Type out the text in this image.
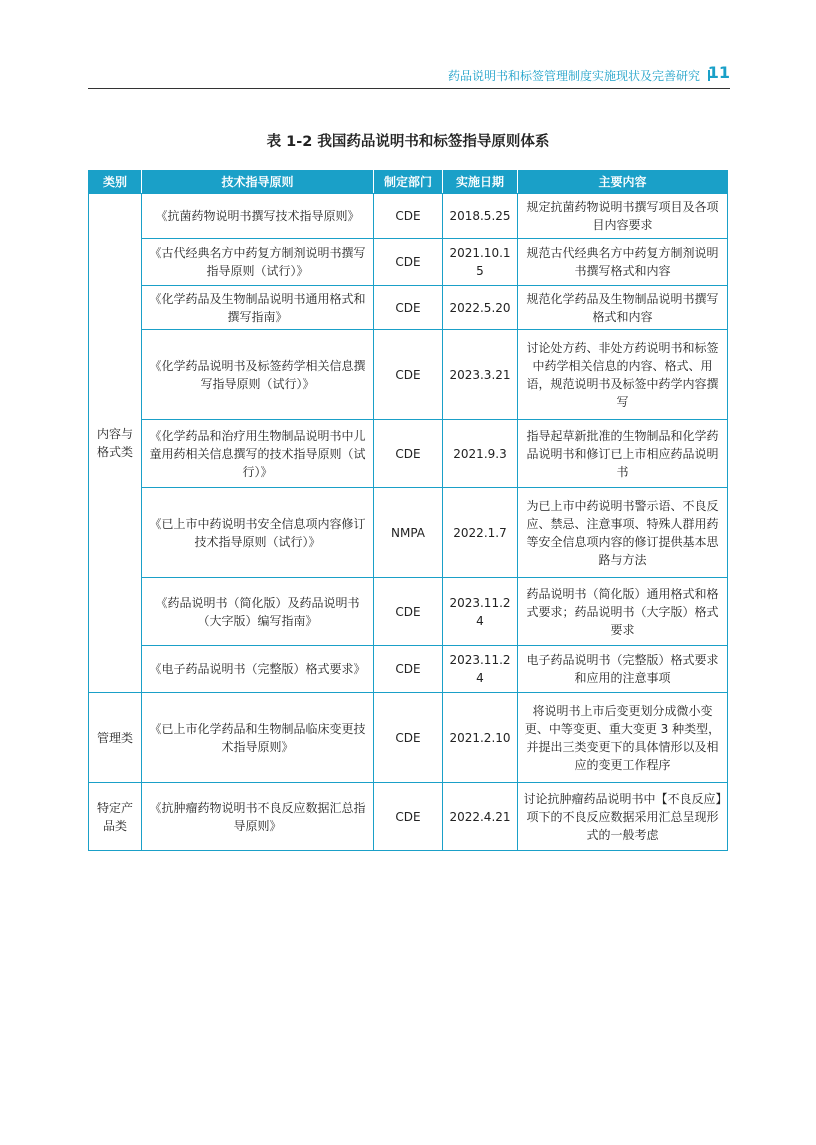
药品说明书和标签管理制度实施现状及完善研究 11
表 1-2 我国药品说明书和标签指导原则体系
类别	技术指导原则	制定部门	实施日期	主要内容
内容与格式类	《抗菌药物说明书撰写技术指导原则》	CDE	2018.5.25	规定抗菌药物说明书撰写项目及各项目内容要求
	《古代经典名方中药复方制剂说明书撰写指导原则（试行）》	CDE	2021.10.15	规范古代经典名方中药复方制剂说明书撰写格式和内容
	《化学药品及生物制品说明书通用格式和撰写指南》	CDE	2022.5.20	规范化学药品及生物制品说明书撰写格式和内容
	《化学药品说明书及标签药学相关信息撰写指导原则（试行）》	CDE	2023.3.21	讨论处方药、非处方药说明书和标签中药学相关信息的内容、格式、用语，规范说明书及标签中药学内容撰写
	《化学药品和治疗用生物制品说明书中儿童用药相关信息撰写的技术指导原则（试行）》	CDE	2021.9.3	指导起草新批准的生物制品和化学药品说明书和修订已上市相应药品说明书
	《已上市中药说明书安全信息项内容修订技术指导原则（试行）》	NMPA	2022.1.7	为已上市中药说明书警示语、不良反应、禁忌、注意事项、特殊人群用药等安全信息项内容的修订提供基本思路与方法
	《药品说明书（简化版）及药品说明书（大字版）编写指南》	CDE	2023.11.24	药品说明书（简化版）通用格式和格式要求；药品说明书（大字版）格式要求
	《电子药品说明书（完整版）格式要求》	CDE	2023.11.24	电子药品说明书（完整版）格式要求和应用的注意事项
管理类	《已上市化学药品和生物制品临床变更技术指导原则》	CDE	2021.2.10	将说明书上市后变更划分成微小变更、中等变更、重大变更 3 种类型，并提出三类变更下的具体情形以及相应的变更工作程序
特定产品类	《抗肿瘤药物说明书不良反应数据汇总指导原则》	CDE	2022.4.21	讨论抗肿瘤药品说明书中【不良反应】项下的不良反应数据采用汇总呈现形式的一般考虑
